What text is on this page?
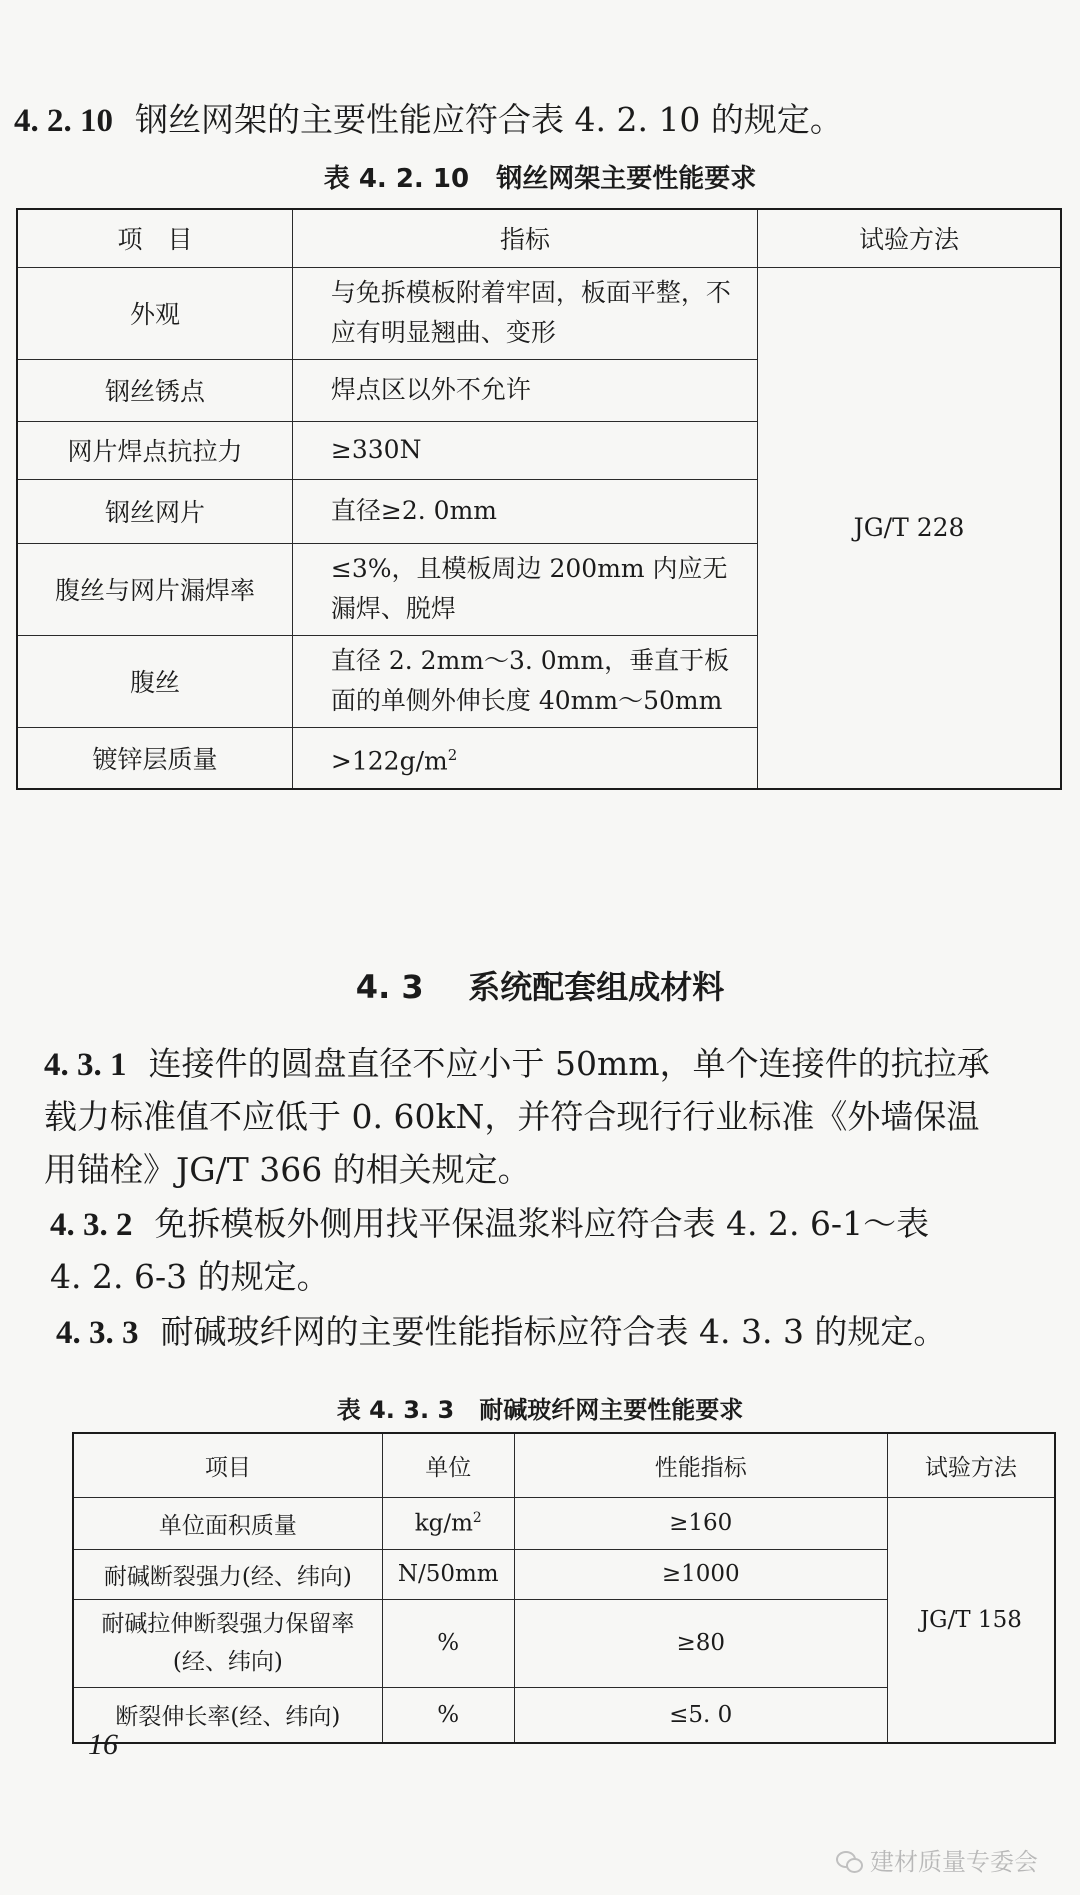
4. 2. 10 钢丝网架的主要性能应符合表 4. 2. 10 的规定。
表 4. 2. 10 钢丝网架主要性能要求
项　目	指标	试验方法
外观	与免拆模板附着牢固，板面平整，不应有明显翘曲、变形	JG/T 228
钢丝锈点	焊点区以外不允许	
网片焊点抗拉力	≥330N	
钢丝网片	直径≥2. 0mm	
腹丝与网片漏焊率	≤3%，且模板周边 200mm 内应无漏焊、脱焊	
腹丝	直径 2. 2mm～3. 0mm，垂直于板面的单侧外伸长度 40mm～50mm	
镀锌层质量	$>122g/m^2$
4. 3 系统配套组成材料
4. 3. 1 连接件的圆盘直径不应小于 50mm，单个连接件的抗拉承
载力标准值不应低于 0. 60kN，并符合现行行业标准《外墙保温
用锚栓》JG/T 366 的相关规定。
4. 3. 2 免拆模板外侧用找平保温浆料应符合表 4. 2. 6-1～表
4. 2. 6-3 的规定。
4. 3. 3 耐碱玻纤网的主要性能指标应符合表 4. 3. 3 的规定。
表 4. 3. 3 耐碱玻纤网主要性能要求
项目	单位	性能指标	试验方法
单位面积质量	$kg/m^2$	≥160	JG/T 158
耐碱断裂强力(经、纬向)	N/50mm	≥1000	

耐碱拉伸断裂强力保留率
(经、纬向)	%	≥80	
断裂伸长率(经、纬向)	%	≤5. 0	
16
建材质量专委会
